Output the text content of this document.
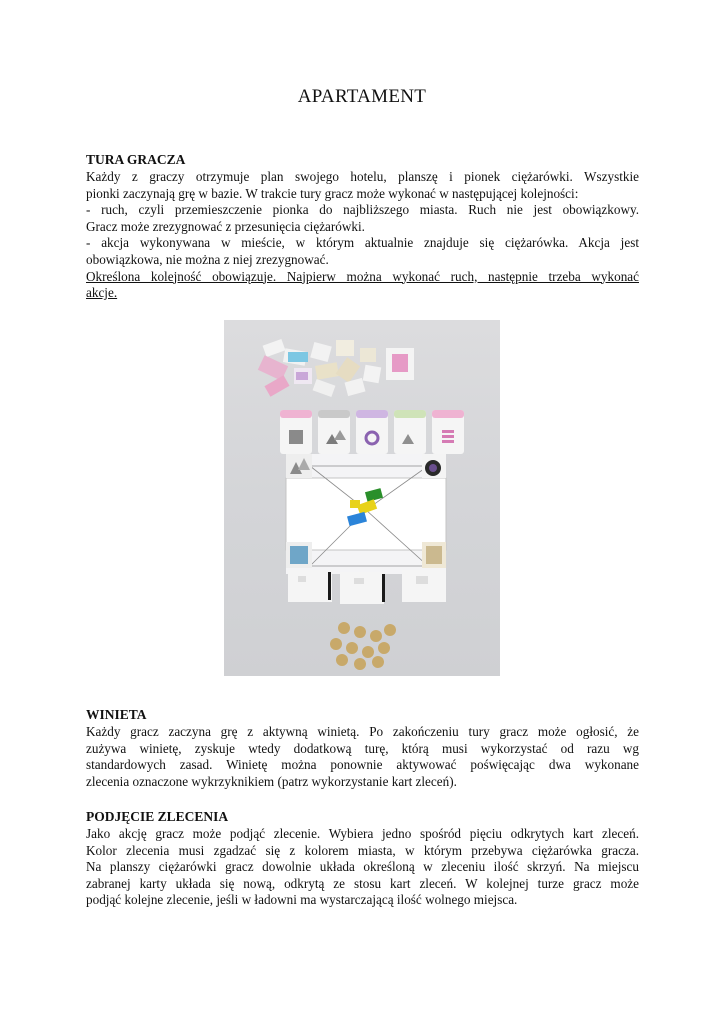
APARTAMENT
TURA GRACZA

Każdy z graczy otrzymuje plan swojego hotelu, planszę i pionek ciężarówki. Wszystkie
pionki zaczynają grę w bazie. W trakcie tury gracz może wykonać w następującej kolejności:
- ruch, czyli przemieszczenie pionka do najbliższego miasta. Ruch nie jest obowiązkowy.
Gracz może zrezygnować z przesunięcia ciężarówki.
- akcja wykonywana w mieście, w którym aktualnie znajduje się ciężarówka. Akcja jest
obowiązkowa, nie można z niej zrezygnować.
Określona kolejność obowiązuje. Najpierw można wykonać ruch, następnie trzeba wykonać
akcje.

WINIETA

Każdy gracz zaczyna grę z aktywną winietą. Po zakończeniu tury gracz może ogłosić, że
zużywa winietę, zyskuje wtedy dodatkową turę, którą musi wykorzystać od razu wg
standardowych zasad. Winietę można ponownie aktywować poświęcając dwa wykonane
zlecenia oznaczone wykrzyknikiem (patrz wykorzystanie kart zleceń).

PODJĘCIE ZLECENIA

Jako akcję gracz może podjąć zlecenie. Wybiera jedno spośród pięciu odkrytych kart zleceń.
Kolor zlecenia musi zgadzać się z kolorem miasta, w którym przebywa ciężarówka gracza.
Na planszy ciężarówki gracz dowolnie układa określoną w zleceniu ilość skrzyń. Na miejscu
zabranej karty układa się nową, odkrytą ze stosu kart zleceń. W kolejnej turze gracz może
podjąć kolejne zlecenie, jeśli w ładowni ma wystarczającą ilość wolnego miejsca.
